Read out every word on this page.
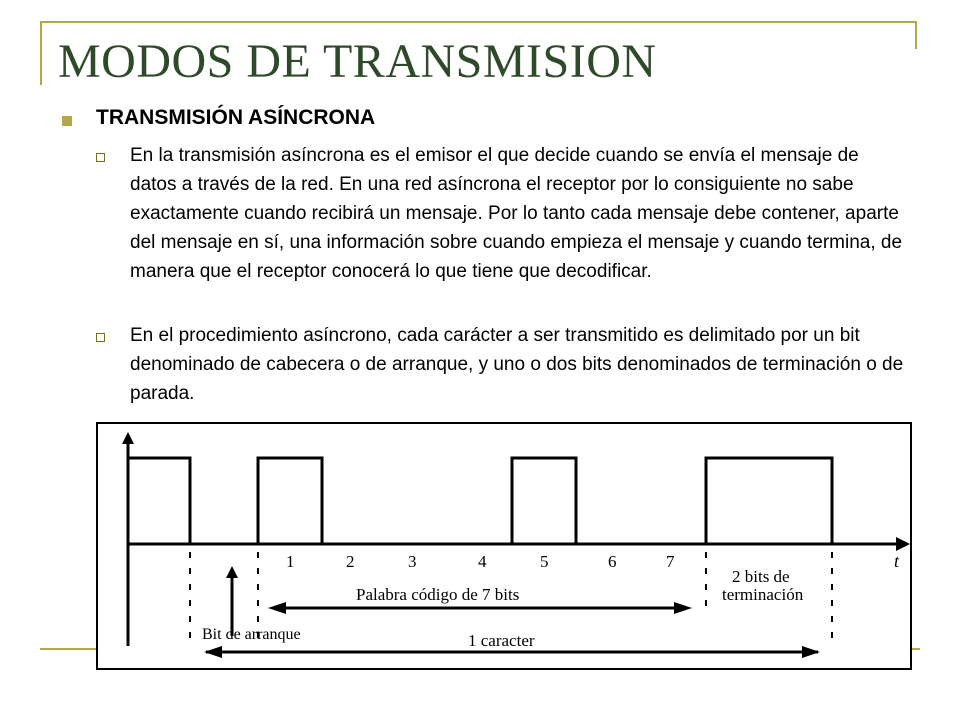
MODOS DE TRANSMISION
TRANSMISIÓN ASÍNCRONA

En la transmisión asíncrona es el emisor el que decide cuando se envía el mensaje de datos a través de la red. En una red asíncrona el receptor por lo consiguiente no sabe exactamente cuando recibirá un mensaje. Por lo tanto cada mensaje debe contener, aparte del mensaje en sí, una información sobre cuando empieza el mensaje y cuando termina, de manera que el receptor conocerá lo que tiene que decodificar.

En el procedimiento asíncrono, cada carácter a ser transmitido es delimitado por un bit denominado de cabecera o de arranque, y uno o dos bits denominados de terminación o de parada.

1	2	3	4	5	6	7	t
2 bits de
terminación
Palabra código de 7 bits
Bit de arranque	1 caracter
